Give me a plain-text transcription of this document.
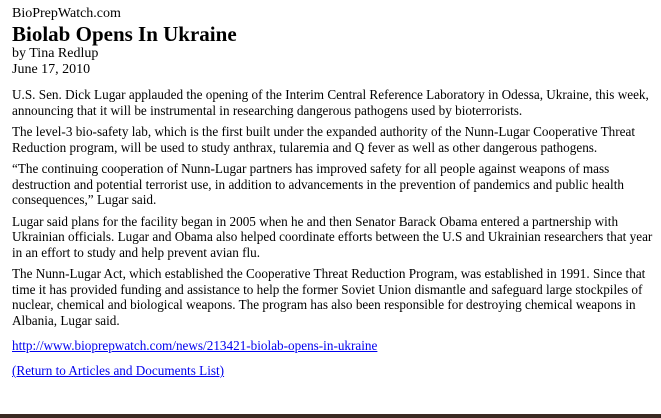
BioPrepWatch.com
Biolab Opens In Ukraine
by Tina Redlup
June 17, 2010

U.S. Sen. Dick Lugar applauded the opening of the Interim Central Reference Laboratory in Odessa, Ukraine, this week, announcing that it will be instrumental in researching dangerous pathogens used by bioterrorists.

The level-3 bio-safety lab, which is the first built under the expanded authority of the Nunn-Lugar Cooperative Threat Reduction program, will be used to study anthrax, tularemia and Q fever as well as other dangerous pathogens.

“The continuing cooperation of Nunn-Lugar partners has improved safety for all people against weapons of mass destruction and potential terrorist use, in addition to advancements in the prevention of pandemics and public health consequences,” Lugar said.

Lugar said plans for the facility began in 2005 when he and then Senator Barack Obama entered a partnership with Ukrainian officials. Lugar and Obama also helped coordinate efforts between the U.S and Ukrainian researchers that year in an effort to study and help prevent avian flu.

The Nunn-Lugar Act, which established the Cooperative Threat Reduction Program, was established in 1991. Since that time it has provided funding and assistance to help the former Soviet Union dismantle and safeguard large stockpiles of nuclear, chemical and biological weapons. The program has also been responsible for destroying chemical weapons in Albania, Lugar said.

http://www.bioprepwatch.com/news/213421-biolab-opens-in-ukraine
(Return to Articles and Documents List)
